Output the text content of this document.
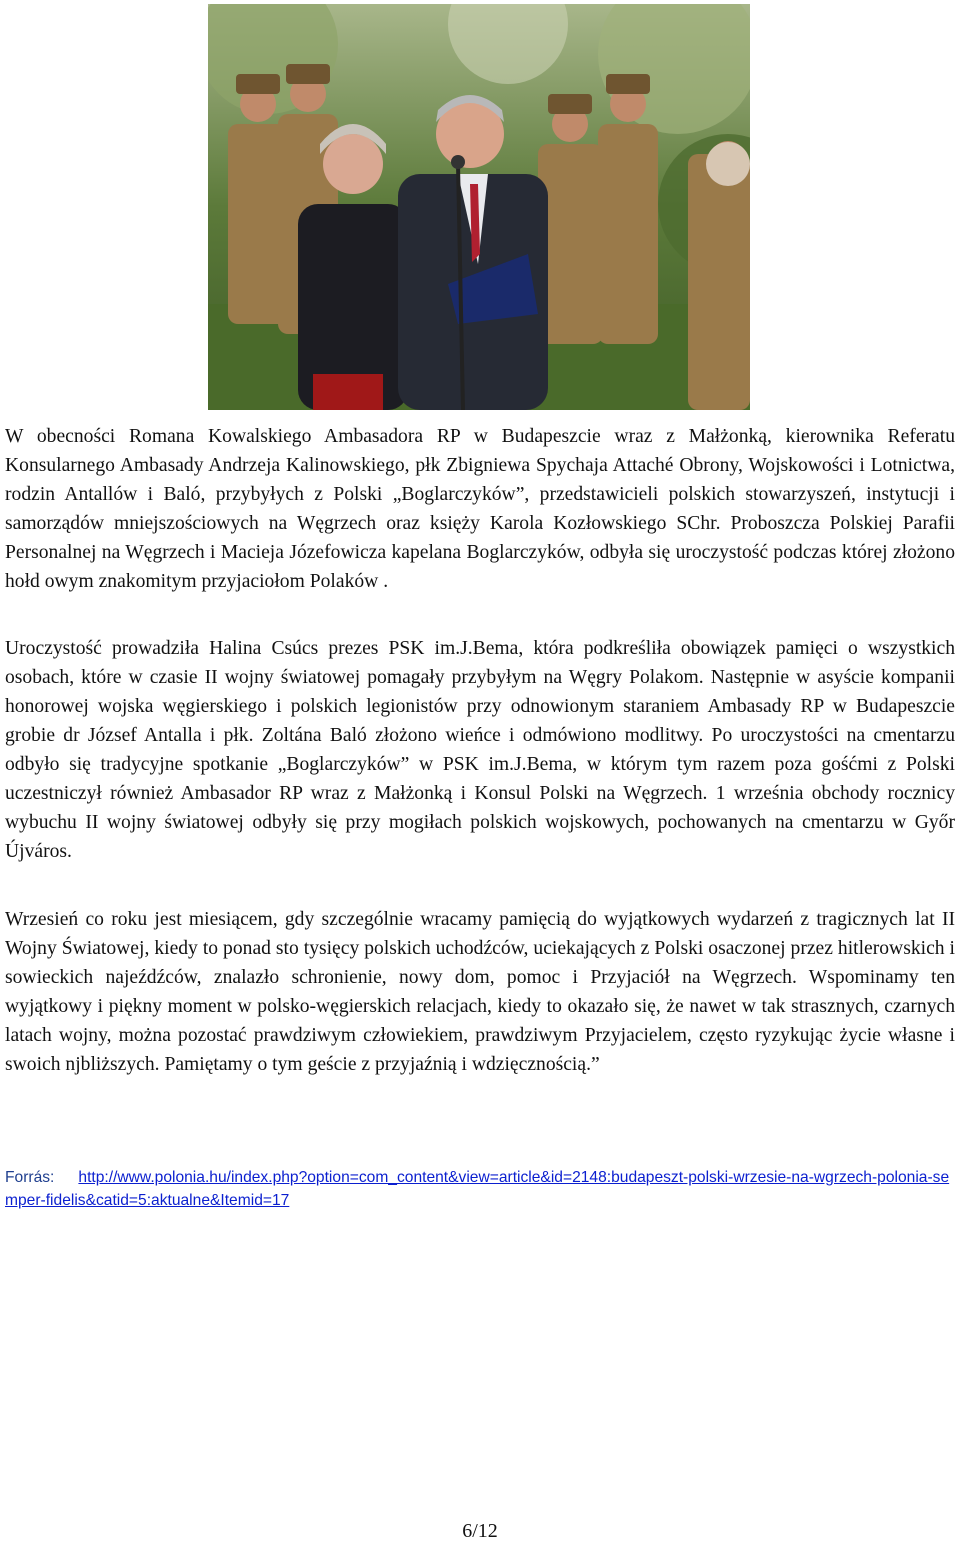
W obecności Romana Kowalskiego Ambasadora RP w Budapeszcie wraz z Małżonką, kierownika Referatu Konsularnego Ambasady Andrzeja Kalinowskiego, płk Zbigniewa Spychaja Attaché Obrony, Wojskowości i Lotnictwa, rodzin Antallów i Baló, przybyłych z Polski „Boglarczyków”, przedstawicieli polskich stowarzyszeń, instytucji i samorządów mniejszościowych na Węgrzech oraz księży Karola Kozłowskiego SChr. Proboszcza Polskiej Parafii Personalnej na Węgrzech i Macieja Józefowicza kapelana Boglarczyków, odbyła się uroczystość podczas której złożono hołd owym znakomitym przyjaciołom Polaków .

Uroczystość prowadziła Halina Csúcs prezes PSK im.J.Bema, która podkreśliła obowiązek pamięci o wszystkich osobach, które w czasie II wojny światowej pomagały przybyłym na Węgry Polakom. Następnie w asyście kompanii honorowej wojska węgierskiego i polskich legionistów przy odnowionym staraniem Ambasady RP w Budapeszcie grobie dr József Antalla i płk. Zoltána Baló złożono wieńce i odmówiono modlitwy. Po uroczystości na cmentarzu odbyło się tradycyjne spotkanie „Boglarczyków” w PSK im.J.Bema, w którym tym razem poza gośćmi z Polski uczestniczył również Ambasador RP wraz z Małżonką i Konsul Polski na Węgrzech. 1 września obchody rocznicy wybuchu II wojny światowej odbyły się przy mogiłach polskich wojskowych, pochowanych na cmentarzu w Győr Újváros.

Wrzesień co roku jest miesiącem, gdy szczególnie wracamy pamięcią do wyjątkowych wydarzeń z tragicznych lat II Wojny Światowej, kiedy to ponad sto tysięcy polskich uchodźców, uciekających z Polski osaczonej przez hitlerowskich i sowieckich najeźdźców, znalazło schronienie, nowy dom, pomoc i Przyjaciół na Węgrzech. Wspominamy ten wyjątkowy i piękny moment w polsko-węgierskich relacjach, kiedy to okazało się, że nawet w tak strasznych, czarnych latach wojny, można pozostać prawdziwym człowiekiem, prawdziwym Przyjacielem, często ryzykując życie własne i swoich njbliższych. Pamiętamy o tym geście z przyjaźnią i wdzięcznością.”

Forrás: http://www.polonia.hu/index.php?option=com_content&view=article&id=2148:budapeszt-polski-wrzesie-na-wgrzech-polonia-semper-fidelis&catid=5:aktualne&Itemid=17

6/12
